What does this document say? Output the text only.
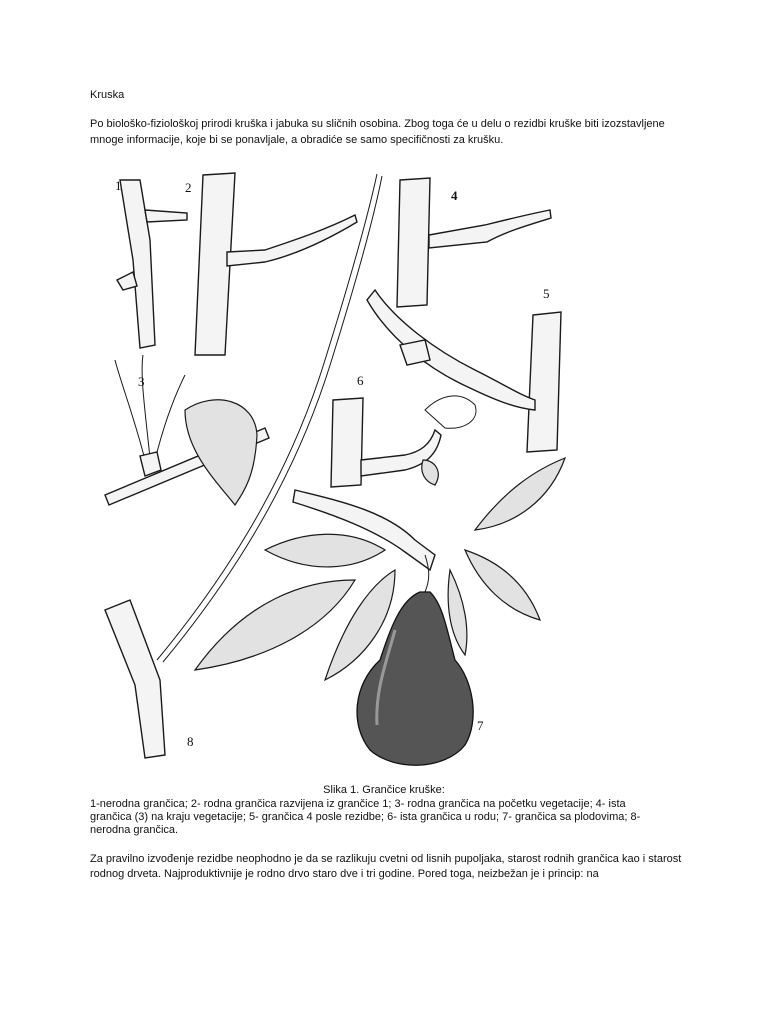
Kruska
Po biološko-fiziološkoj prirodi kruška i jabuka su sličnih osobina. Zbog toga će u delu o rezidbi kruške biti izozstavljene mnoge informacije, koje bi se ponavljale, a obradiće se samo specifičnosti za krušku.
1	2
3
4
5
6
7
8
Slika 1. Grančice kruške:
1-nerodna grančica; 2- rodna grančica razvijena iz grančice 1; 3- rodna grančica na početku vegetacije; 4- ista grančica (3) na kraju vegetacije; 5- grančica 4 posle rezidbe; 6- ista grančica u rodu; 7- grančica sa plodovima; 8- nerodna grančica.
Za pravilno izvođenje rezidbe neophodno je da se razlikuju cvetni od lisnih pupoljaka, starost rodnih grančica kao i starost rodnog drveta. Najproduktivnije je rodno drvo staro dve i tri godine. Pored toga, neizbežan je i princip: na
